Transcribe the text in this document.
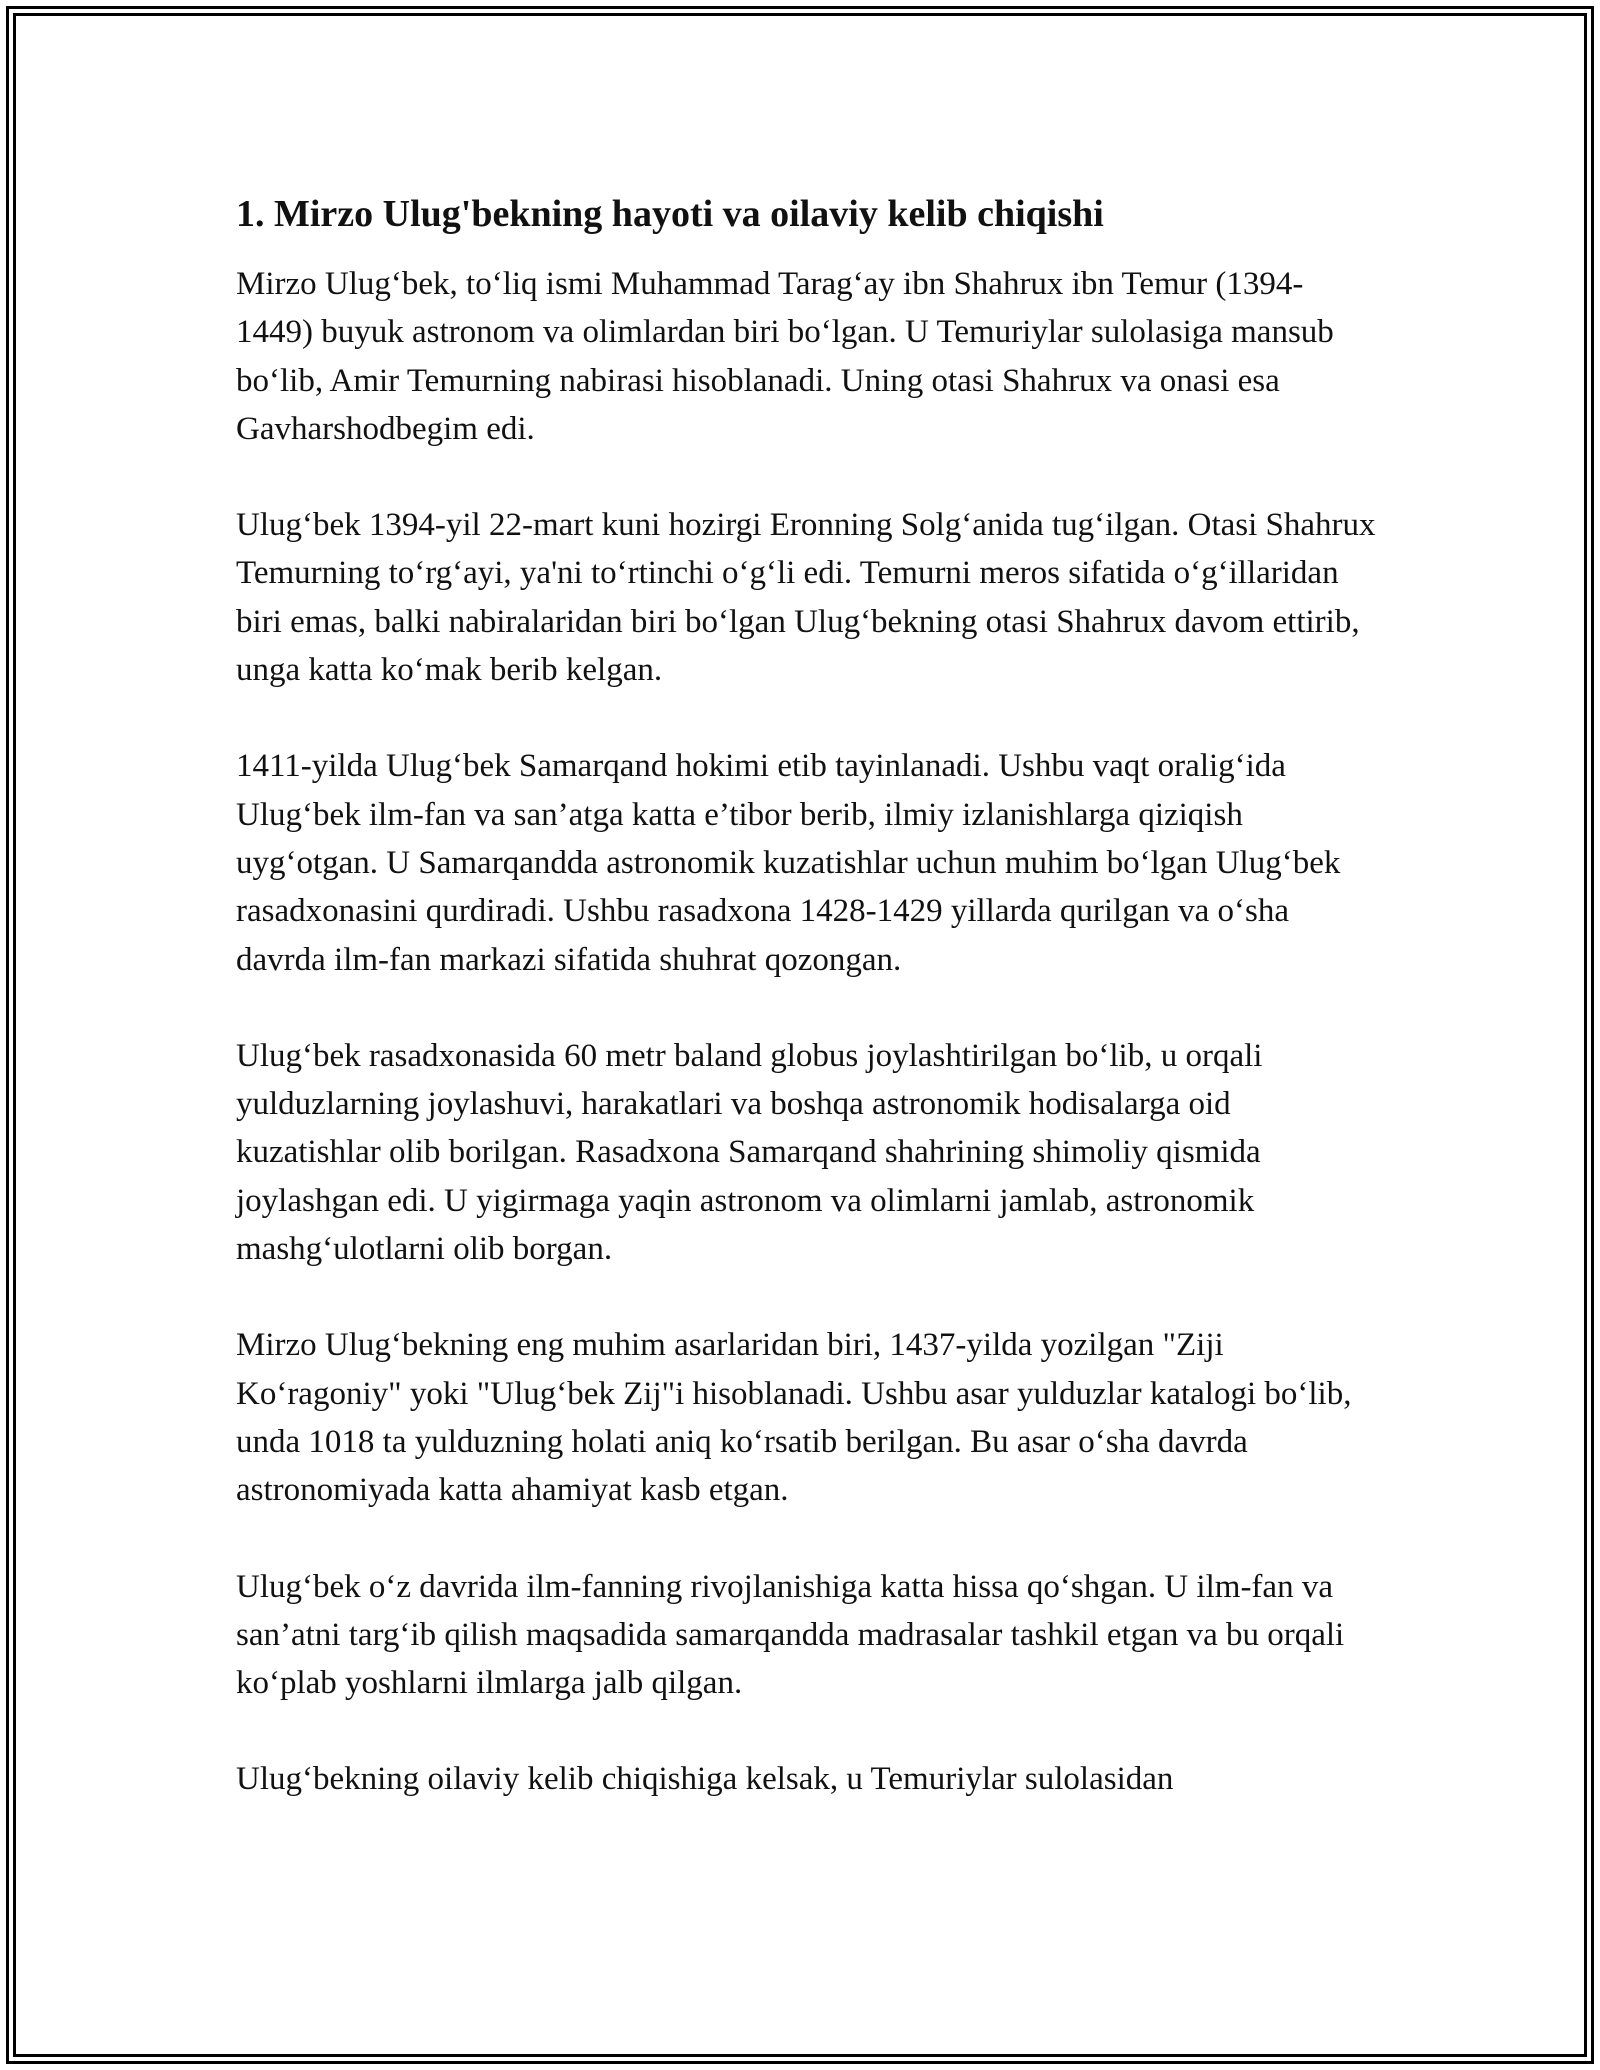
1. Mirzo Ulug'bekning hayoti va oilaviy kelib chiqishi

Mirzo Ulug‘bek, to‘liq ismi Muhammad Tarag‘ay ibn Shahrux ibn Temur (1394-1449) buyuk astronom va olimlardan biri bo‘lgan. U Temuriylar sulolasiga mansub bo‘lib, Amir Temurning nabirasi hisoblanadi. Uning otasi Shahrux va onasi esa Gavharshodbegim edi.

Ulug‘bek 1394-yil 22-mart kuni hozirgi Eronning Solg‘anida tug‘ilgan. Otasi Shahrux Temurning to‘rg‘ayi, ya'ni to‘rtinchi o‘g‘li edi. Temurni meros sifatida o‘g‘illaridan biri emas, balki nabiralaridan biri bo‘lgan Ulug‘bekning otasi Shahrux davom ettirib, unga katta ko‘mak berib kelgan.

1411-yilda Ulug‘bek Samarqand hokimi etib tayinlanadi. Ushbu vaqt oralig‘ida Ulug‘bek ilm-fan va san’atga katta e’tibor berib, ilmiy izlanishlarga qiziqish uyg‘otgan. U Samarqandda astronomik kuzatishlar uchun muhim bo‘lgan Ulug‘bek rasadxonasini qurdiradi. Ushbu rasadxona 1428-1429 yillarda qurilgan va o‘sha davrda ilm-fan markazi sifatida shuhrat qozongan.

Ulug‘bek rasadxonasida 60 metr baland globus joylashtirilgan bo‘lib, u orqali yulduzlarning joylashuvi, harakatlari va boshqa astronomik hodisalarga oid kuzatishlar olib borilgan. Rasadxona Samarqand shahrining shimoliy qismida joylashgan edi. U yigirmaga yaqin astronom va olimlarni jamlab, astronomik mashg‘ulotlarni olib borgan.

Mirzo Ulug‘bekning eng muhim asarlaridan biri, 1437-yilda yozilgan "Ziji Ko‘ragoniy" yoki "Ulug‘bek Zij"i hisoblanadi. Ushbu asar yulduzlar katalogi bo‘lib, unda 1018 ta yulduzning holati aniq ko‘rsatib berilgan. Bu asar o‘sha davrda astronomiyada katta ahamiyat kasb etgan.

Ulug‘bek o‘z davrida ilm-fanning rivojlanishiga katta hissa qo‘shgan. U ilm-fan va san’atni targ‘ib qilish maqsadida samarqandda madrasalar tashkil etgan va bu orqali ko‘plab yoshlarni ilmlarga jalb qilgan.

Ulug‘bekning oilaviy kelib chiqishiga kelsak, u Temuriylar sulolasidan
